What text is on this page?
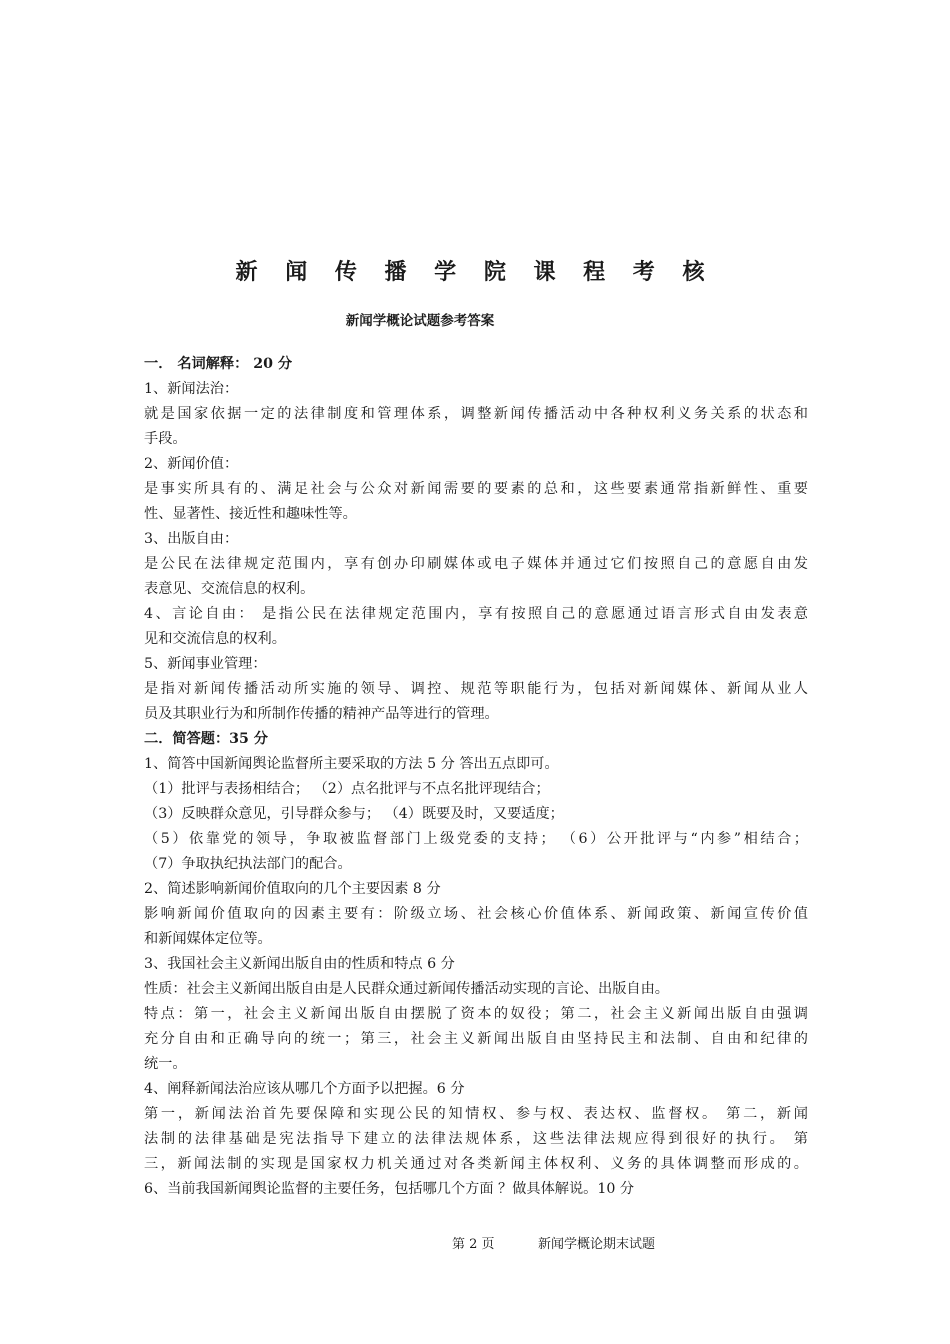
新 闻 传 播 学 院 课 程 考 核
新闻学概论试题参考答案
一． 名词解释： 20 分
1、新闻法治：
就是国家依据一定的法律制度和管理体系，调整新闻传播活动中各种权利义务关系的状态和
手段。
2、新闻价值：
是事实所具有的、满足社会与公众对新闻需要的要素的总和，这些要素通常指新鲜性、重要
性、显著性、接近性和趣味性等。
3、出版自由：
是公民在法律规定范围内，享有创办印刷媒体或电子媒体并通过它们按照自己的意愿自由发
表意见、交流信息的权利。
4、言论自由： 是指公民在法律规定范围内，享有按照自己的意愿通过语言形式自由发表意
见和交流信息的权利。
5、新闻事业管理：
是指对新闻传播活动所实施的领导、调控、规范等职能行为，包括对新闻媒体、新闻从业人
员及其职业行为和所制作传播的精神产品等进行的管理。
二．简答题：35 分
1、简答中国新闻舆论监督所主要采取的方法 5 分 答出五点即可。
（1）批评与表扬相结合； （2）点名批评与不点名批评现结合；
（3）反映群众意见，引导群众参与； （4）既要及时，又要适度；
（5）依靠党的领导，争取被监督部门上级党委的支持； （6）公开批评与“内参”相结合；
（7）争取执纪执法部门的配合。
2、简述影响新闻价值取向的几个主要因素 8 分
影响新闻价值取向的因素主要有：阶级立场、社会核心价值体系、新闻政策、新闻宣传价值
和新闻媒体定位等。
3、我国社会主义新闻出版自由的性质和特点 6 分
性质：社会主义新闻出版自由是人民群众通过新闻传播活动实现的言论、出版自由。
特点：第一，社会主义新闻出版自由摆脱了资本的奴役；第二，社会主义新闻出版自由强调
充分自由和正确导向的统一；第三，社会主义新闻出版自由坚持民主和法制、自由和纪律的
统一。
4、阐释新闻法治应该从哪几个方面予以把握。6 分
第一，新闻法治首先要保障和实现公民的知情权、参与权、表达权、监督权。 第二，新闻
法制的法律基础是宪法指导下建立的法律法规体系，这些法律法规应得到很好的执行。 第
三，新闻法制的实现是国家权力机关通过对各类新闻主体权利、义务的具体调整而形成的。
6、当前我国新闻舆论监督的主要任务，包括哪几个方面 ？做具体解说。10 分
第 2 页	新闻学概论期末试题
